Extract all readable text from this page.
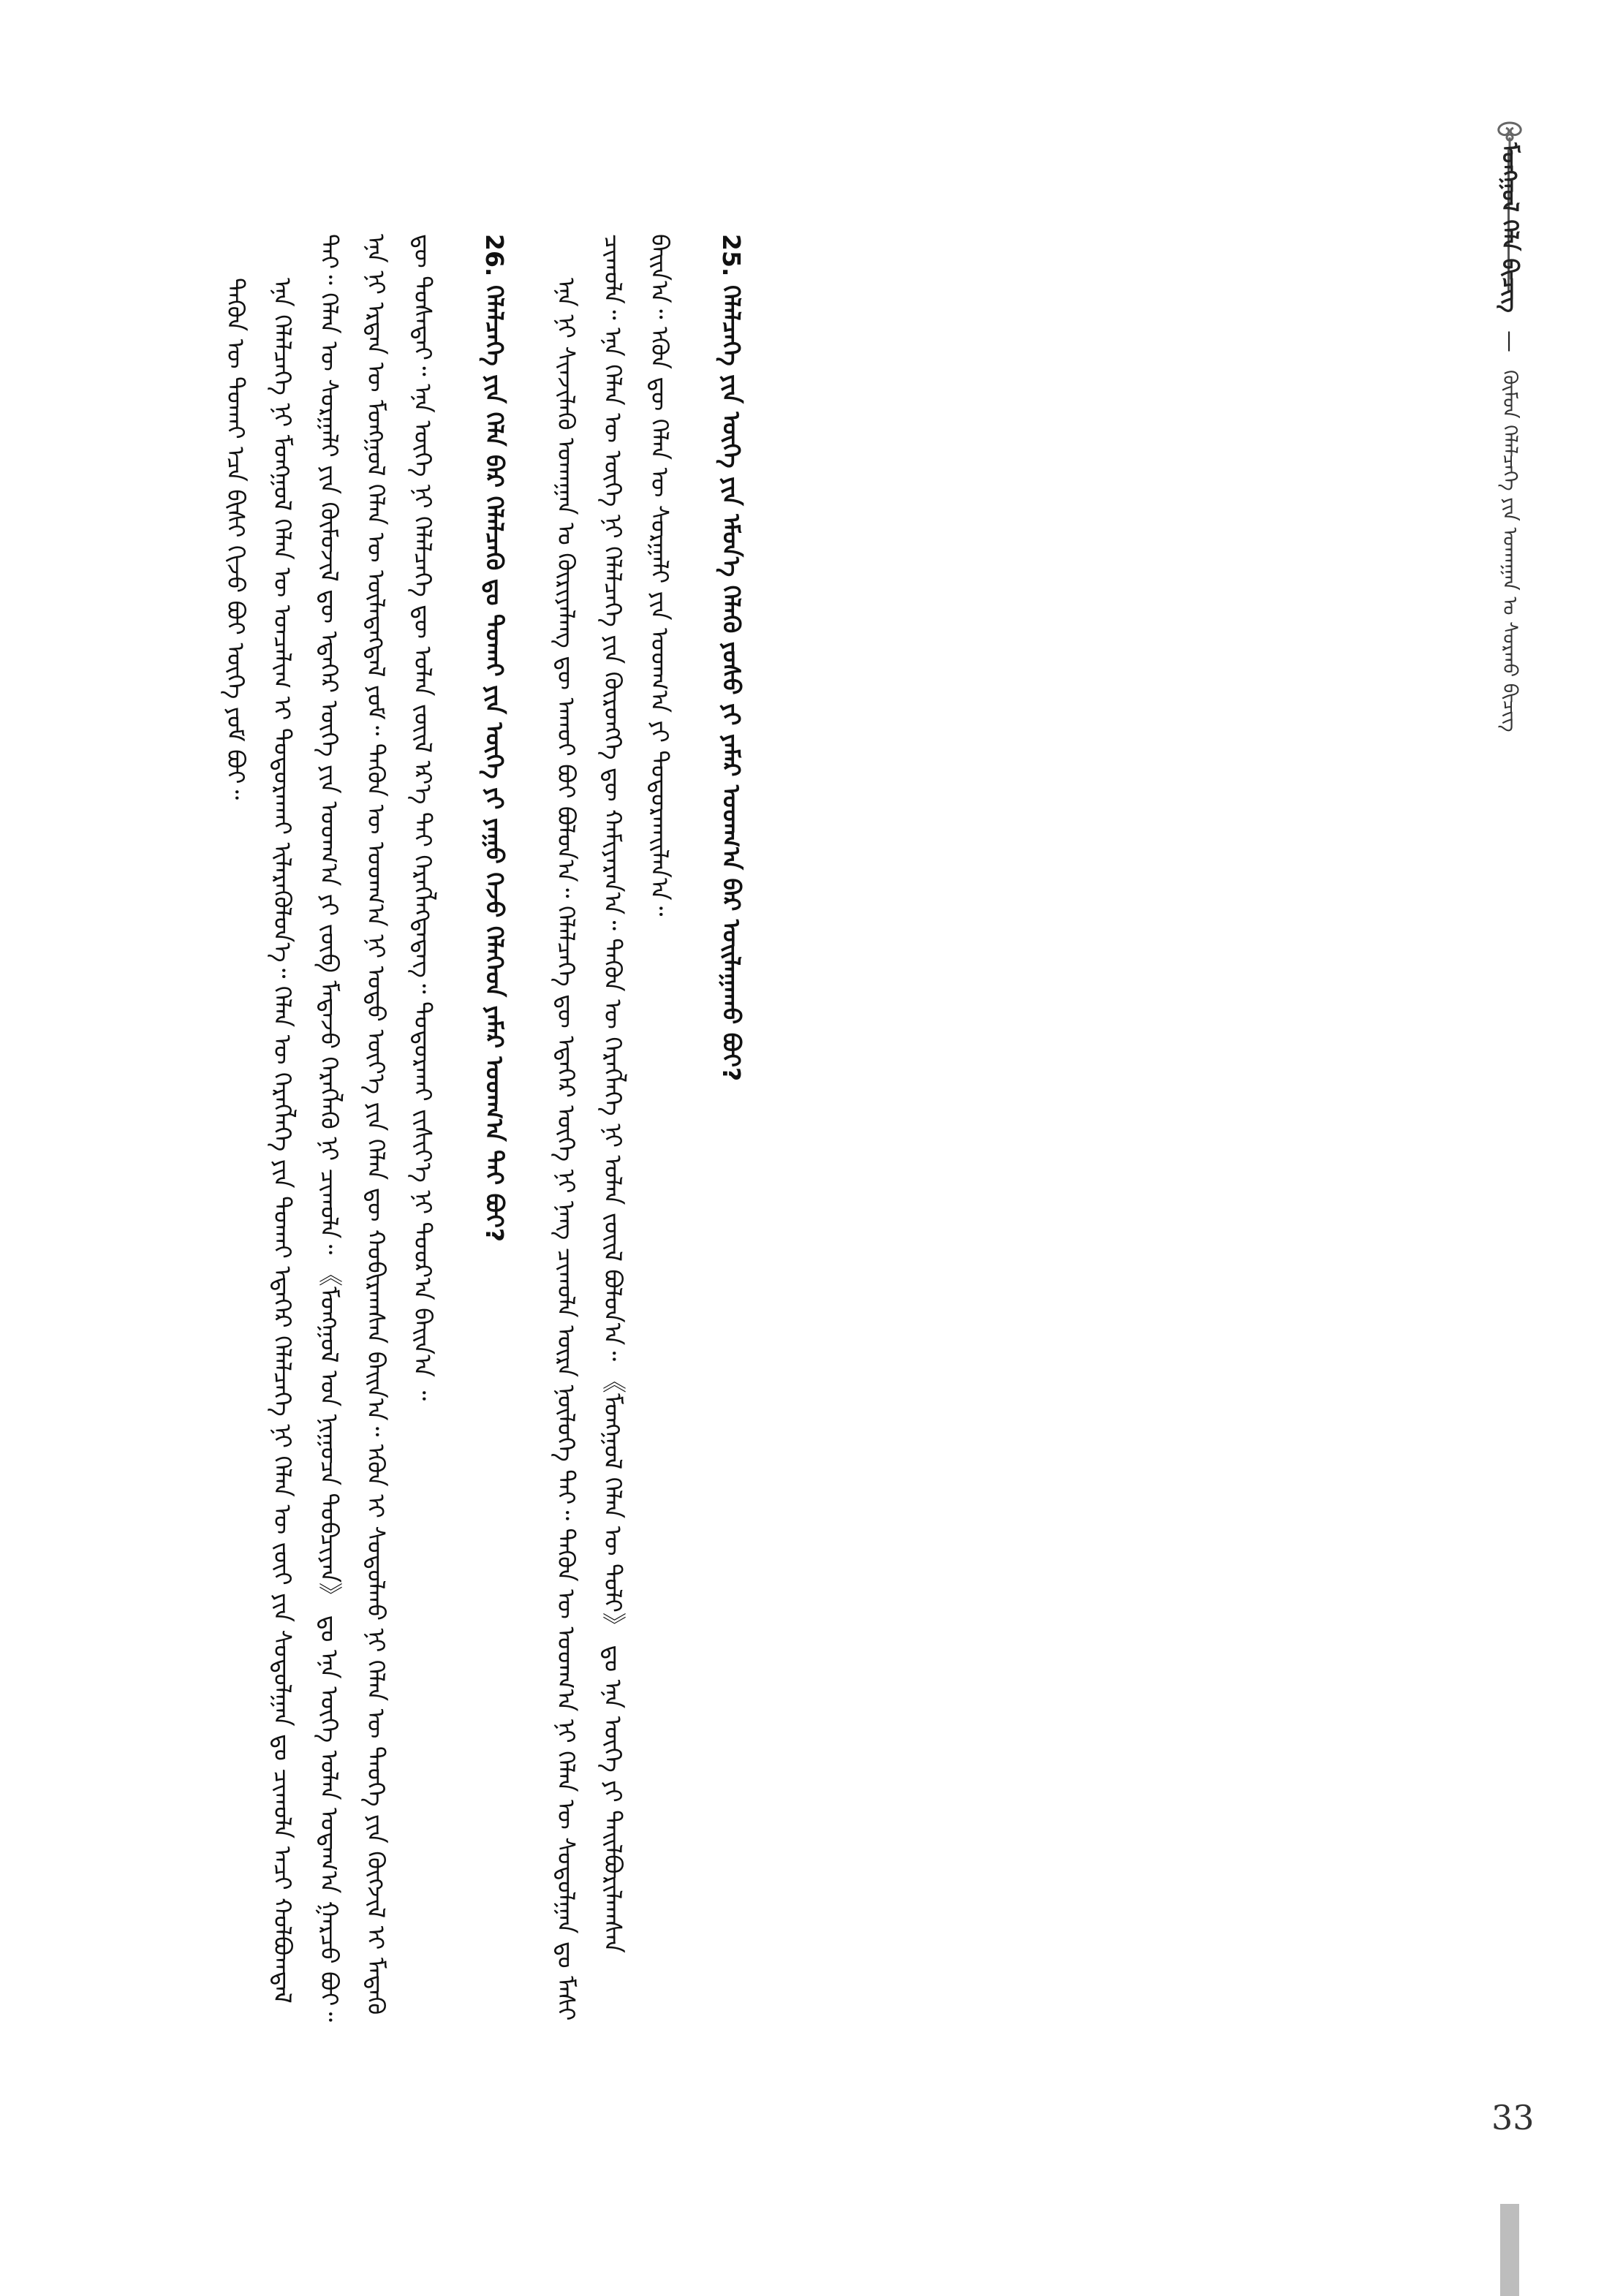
ᠮᠣᠩᠭᠣᠯ ᠬᠡᠯᠡ ᠪᠢᠴᠢᠭ
—
ᠬᠦᠮᠦᠨ ᠬᠡᠯᠡᠯᠴᠡᠭᠡ ᠶᠢᠨ ᠤᠬᠠᠭᠠᠨ ᠤ ᠰᠤᠷᠬᠤ ᠪᠢᠴᠢᠭ

ᠲᠡᠭᠦᠨ ᠦ ᠲᠤᠬᠠᠢ ᠡᠴᠡ ᠪᠢᠰᠢ ᠬᠢᠵᠦ ᠪᠤᠢ ᠦᠭᠡ ᠶᠤᠮ ᠪᠤᠢ᠃ ᠡᠨᠡ ᠬᠡᠯᠡᠯᠴᠡᠭᠡ ᠨᠢ ᠮᠣᠩᠭᠣᠯ ᠬᠡᠯᠡᠨ ᠦ ᠣᠨᠴᠠᠯᠢᠭ ᠢ ᠲᠤᠳᠤᠷᠠᠬᠠᠢ ᠢᠯᠡᠷᠡᠭᠦᠯᠦᠨ᠎ᠡ᠃ ᠬᠡᠯᠡᠨ ᠦ ᠬᠡᠷᠡᠭᠯᠡᠭᠡ ᠶᠢᠨ ᠲᠤᠬᠠᠢ ᠡᠳᠡᠭᠡᠷ ᠬᠡᠯᠡᠯᠴᠡᠭᠡ ᠨᠢ ᠬᠡᠯᠡᠨ ᠦ ᠵᠦᠢ ᠶᠢᠨ ᠰᠤᠳᠤᠯᠭᠠᠨ ᠳᠤ ᠴᠢᠬᠤᠯᠠ ᠠᠴᠢ ᠬᠣᠯᠪᠣᠭᠳᠠᠯ ᠲᠠᠢ᠃ ᠬᠡᠯᠡᠨ ᠦ ᠰᠤᠷᠭᠠᠯᠢ ᠶᠢᠨ ᠬᠦᠮᠦᠵᠢᠯ ᠳᠦ ᠡᠳᠡᠭᠡᠷ ᠦᠭᠡ ᠶᠢᠨ ᠤᠳᠬ᠎ᠠ ᠶᠢ ᠵᠥᠪ ᠮᠡᠳᠡᠵᠦ ᠬᠡᠷᠡᠭᠯᠡᠬᠦ ᠨᠢ ᠴᠢᠬᠤᠯᠠ᠃ 《ᠮᠣᠩᠭᠣᠯ ᠤᠨ ᠨᠢᠭᠤᠴᠠ ᠲᠣᠪᠴᠢᠶᠠᠨ》 ᠳᠤ ᠡᠨᠡ ᠦᠭᠡ ᠣᠯᠠᠨ ᠤᠳᠠᠭ᠎ᠠ ᠭᠠᠷᠴᠤ ᠪᠤᠢ᠃ ᠡᠨᠡ ᠨᠢ ᠡᠷᠲᠡᠨ ᠦ ᠮᠣᠩᠭᠣᠯ ᠬᠡᠯᠡᠨ ᠦ ᠦᠯᠡᠳᠡᠭᠳᠡᠯ ᠶᠤᠮ᠃ ᠲᠡᠭᠦᠨ ᠦ ᠤᠳᠬ᠎ᠠ ᠨᠢ ᠣᠳᠣ ᠦᠶ᠎ᠡ ᠶᠢᠨ ᠬᠡᠯᠡᠨ ᠳᠦ ᠬᠤᠪᠢᠷᠠᠭᠰᠠᠨ ᠪᠠᠢᠨ᠎ᠠ᠃ ᠡᠭᠦᠨ ᠢ ᠰᠤᠳᠤᠯᠬᠤ ᠨᠢ ᠬᠡᠯᠡᠨ ᠦ ᠲᠡᠦᠬᠡ ᠶᠢᠨ ᠬᠥᠭᠵᠢᠯ ᠢ ᠮᠡᠳᠡᠬᠦ ᠳᠦ ᠲᠤᠰᠠᠲᠠᠢ᠃ ᠡᠨᠡ ᠦᠭᠡ ᠨᠢ ᠬᠡᠯᠡᠯᠴᠡᠭᠡ ᠳᠦ ᠣᠯᠠᠨ ᠵᠦᠢᠯ ᠡᠷ᠎ᠡ ᠲᠠᠢ ᠬᠡᠷᠡᠭᠯᠡᠭᠳᠡᠳᠡᠭ᠃ ᠲᠣᠳᠣᠷᠬᠠᠢ ᠵᠢᠱᠢᠶ᠎ᠡ ᠨᠢ ᠳᠣᠣᠷ᠎ᠠ ᠪᠠᠢᠨ᠎ᠠ ᠃	26. ᠬᠡᠯᠡᠯᠴᠡᠭᠡ ᠶᠢᠨ ᠬᠡᠯᠡ ᠪᠡᠷ ᠬᠡᠯᠡᠯᠴᠡᠬᠦ ᠳᠤ ᠲᠤᠬᠠᠢ ᠶᠢᠨ ᠦᠭᠡ ᠶᠢ ᠶᠠᠭᠤ ᠭᠡᠵᠦ ᠬᠡᠯᠡᠭᠡᠳ ᠶᠠᠮᠠᠷ ᠤᠳᠬ᠎ᠠ ᠲᠠᠢ ᠪᠤᠢ?	ᠡᠨᠡ ᠨᠢ ᠰᠢᠨᠵᠢᠯᠡᠬᠦ ᠤᠬᠠᠭᠠᠨ ᠤ ᠬᠦᠷᠢᠶᠡᠯᠡᠩ ᠳᠦ ᠠᠬᠤᠢ ᠪᠤᠢ ᠪᠣᠯᠤᠨ᠎ᠠ᠃ ᠬᠡᠯᠡᠯᠴᠡᠭᠡ ᠳᠦ ᠡᠳᠡᠭᠡᠷ ᠦᠭᠡ ᠨᠢ ᠨᠡᠩ ᠴᠢᠬᠤᠯᠠ ᠦᠷᠡ ᠨᠥᠯᠦᠭᠡ ᠲᠠᠢ᠃ ᠲᠡᠭᠦᠨ ᠦ ᠤᠳᠬ᠎ᠠ ᠨᠢ ᠬᠡᠯᠡᠨ ᠦ ᠰᠤᠳᠤᠯᠭᠠᠨ ᠳᠤ ᠮᠠᠰᠢ ᠴᠢᠬᠤᠯᠠ᠃ ᠡᠨᠡ ᠬᠡᠯᠡᠨ ᠦ ᠦᠭᠡ ᠨᠢ ᠬᠡᠯᠡᠯᠴᠡᠭᠡ ᠶᠢᠨ ᠬᠥᠷᠥᠩᠭᠡ ᠳᠦ ᠬᠠᠮᠢᠶᠠᠷᠠᠨ᠎ᠠ᠃ ᠲᠡᠭᠦᠨ ᠦ ᠬᠡᠷᠡᠭᠯᠡᠭᠡ ᠨᠢ ᠣᠯᠠᠨ ᠵᠦᠢᠯ ᠪᠣᠯᠤᠨ᠎ᠠ᠃ 《ᠮᠣᠩᠭᠣᠯ ᠬᠡᠯᠡᠨ ᠦ ᠲᠣᠯᠢ》 ᠳᠤ ᠡᠨᠡ ᠦᠭᠡ ᠶᠢ ᠲᠠᠢᠯᠪᠤᠷᠢᠯᠠᠭᠰᠠᠨ ᠪᠠᠢᠨ᠎ᠠ᠃ ᠡᠭᠦᠨ ᠳᠦ ᠬᠡᠯᠡᠨ ᠦ ᠰᠤᠷᠭᠠᠯᠢ ᠶᠢᠨ ᠤᠳᠬ᠎ᠠ ᠶᠢ ᠲᠣᠳᠣᠷᠬᠠᠢᠯᠠᠨ᠎ᠠ᠃	25. ᠬᠡᠯᠡᠯᠴᠡᠭᠡ ᠶᠢᠨ ᠦᠭᠡ ᠶᠢᠨ ᠡᠮᠦᠨ᠎ᠡ ᠬᠡᠯᠡᠬᠦ ᠶᠣᠰᠤ ᠶᠢ ᠶᠠᠮᠠᠷ ᠤᠳᠬ᠎ᠠ ᠪᠠᠷ ᠣᠢᠯᠠᠭᠠᠬᠤ ᠪᠤᠢ?

33
